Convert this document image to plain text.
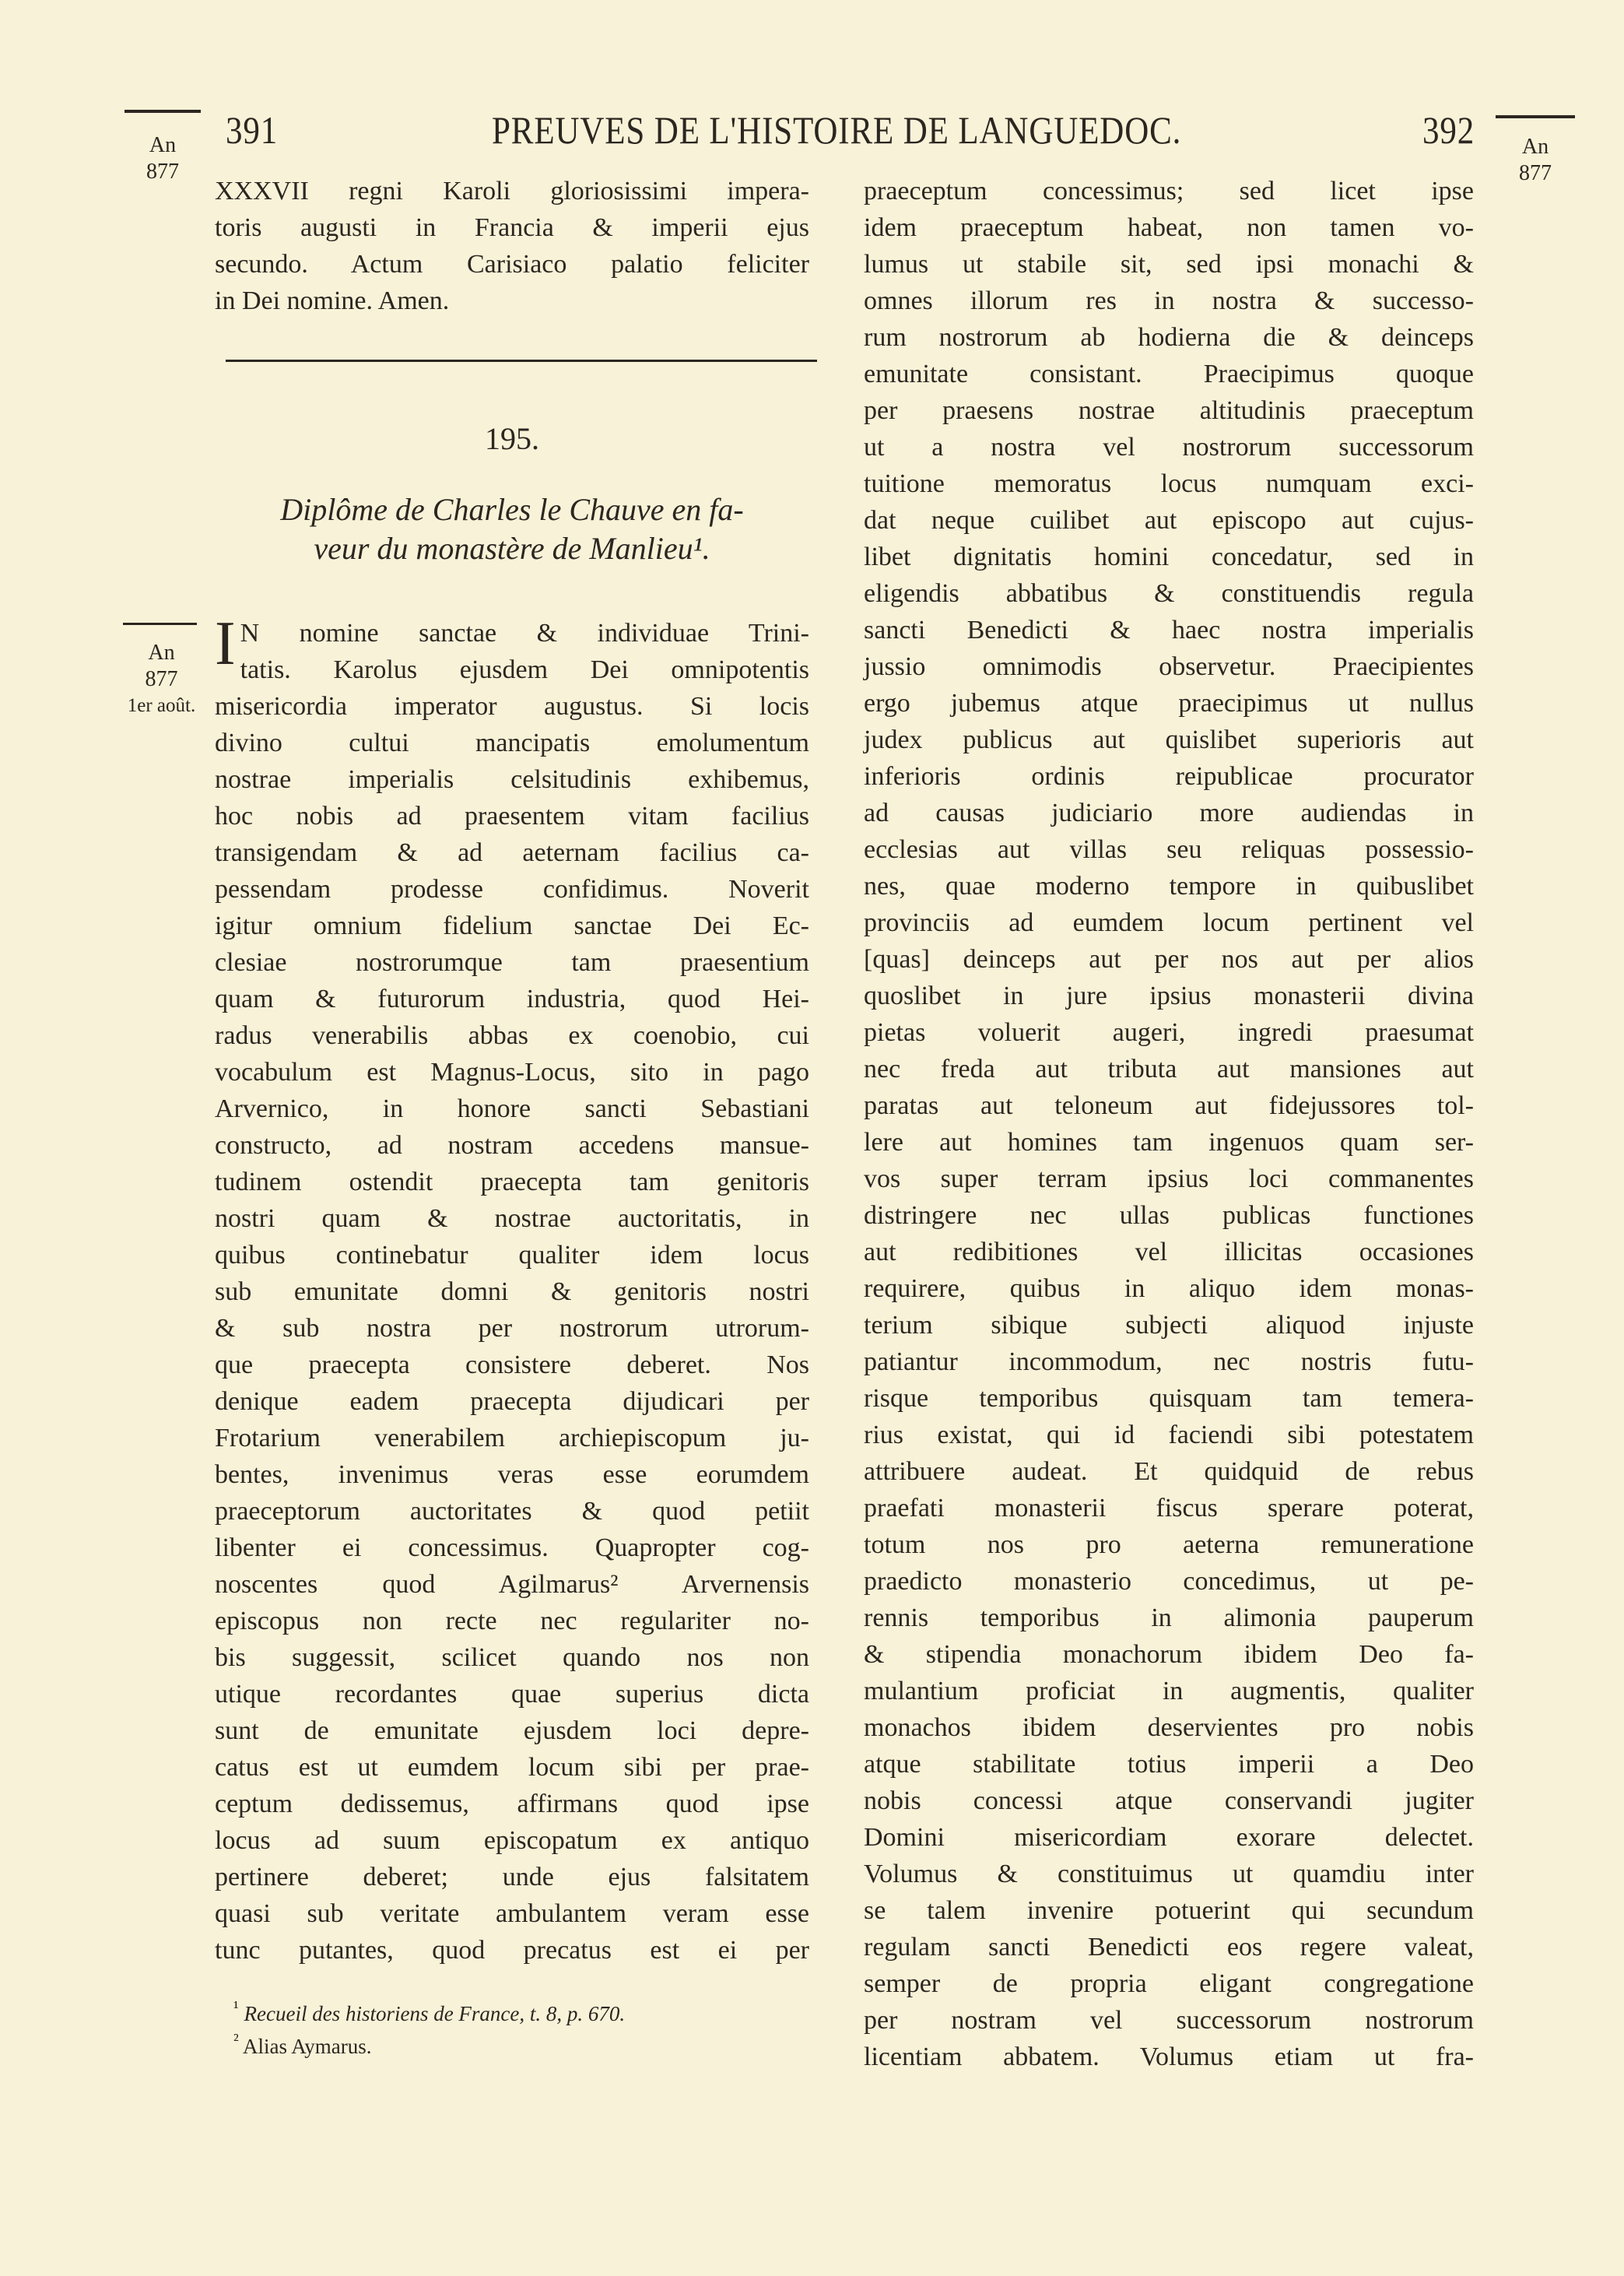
391	PREUVES DE L'HISTOIRE DE LANGUEDOC.	392
An
877
An
877
An
877
1er août.
XXXVII regni Karoli gloriosissimi impera-
toris augusti in Francia & imperii ejus
secundo. Actum Carisiaco palatio feliciter
in Dei nomine. Amen.
195.
Diplôme de Charles le Chauve en fa-
veur du monastère de Manlieu¹.
I N nomine sanctae & individuae Trini-
tatis. Karolus ejusdem Dei omnipotentis
misericordia imperator augustus. Si locis
divino cultui mancipatis emolumentum
nostrae imperialis celsitudinis exhibemus,
hoc nobis ad praesentem vitam facilius
transigendam & ad aeternam facilius ca-
pessendam prodesse confidimus. Noverit
igitur omnium fidelium sanctae Dei Ec-
clesiae nostrorumque tam praesentium
quam & futurorum industria, quod Hei-
radus venerabilis abbas ex coenobio, cui
vocabulum est Magnus-Locus, sito in pago
Arvernico, in honore sancti Sebastiani
constructo, ad nostram accedens mansue-
tudinem ostendit praecepta tam genitoris
nostri quam & nostrae auctoritatis, in
quibus continebatur qualiter idem locus
sub emunitate domni & genitoris nostri
& sub nostra per nostrorum utrorum-
que praecepta consistere deberet. Nos
denique eadem praecepta dijudicari per
Frotarium venerabilem archiepiscopum ju-
bentes, invenimus veras esse eorumdem
praeceptorum auctoritates & quod petiit
libenter ei concessimus. Quapropter cog-
noscentes quod Agilmarus² Arvernensis
episcopus non recte nec regulariter no-
bis suggessit, scilicet quando nos non
utique recordantes quae superius dicta
sunt de emunitate ejusdem loci depre-
catus est ut eumdem locum sibi per prae-
ceptum dedissemus, affirmans quod ipse
locus ad suum episcopatum ex antiquo
pertinere deberet; unde ejus falsitatem
quasi sub veritate ambulantem veram esse
tunc putantes, quod precatus est ei per
$^{^1}$ Recueil des historiens de France, t. 8, p. 670.
$^{^2}$ Alias Aymarus.
praeceptum concessimus; sed licet ipse
idem praeceptum habeat, non tamen vo-
lumus ut stabile sit, sed ipsi monachi &
omnes illorum res in nostra & successo-
rum nostrorum ab hodierna die & deinceps
emunitate consistant. Praecipimus quoque
per praesens nostrae altitudinis praeceptum
ut a nostra vel nostrorum successorum
tuitione memoratus locus numquam exci-
dat neque cuilibet aut episcopo aut cujus-
libet dignitatis homini concedatur, sed in
eligendis abbatibus & constituendis regula
sancti Benedicti & haec nostra imperialis
jussio omnimodis observetur. Praecipientes
ergo jubemus atque praecipimus ut nullus
judex publicus aut quislibet superioris aut
inferioris ordinis reipublicae procurator
ad causas judiciario more audiendas in
ecclesias aut villas seu reliquas possessio-
nes, quae moderno tempore in quibuslibet
provinciis ad eumdem locum pertinent vel
[quas] deinceps aut per nos aut per alios
quoslibet in jure ipsius monasterii divina
pietas voluerit augeri, ingredi praesumat
nec freda aut tributa aut mansiones aut
paratas aut teloneum aut fidejussores tol-
lere aut homines tam ingenuos quam ser-
vos super terram ipsius loci commanentes
distringere nec ullas publicas functiones
aut redibitiones vel illicitas occasiones
requirere, quibus in aliquo idem monas-
terium sibique subjecti aliquod injuste
patiantur incommodum, nec nostris futu-
risque temporibus quisquam tam temera-
rius existat, qui id faciendi sibi potestatem
attribuere audeat. Et quidquid de rebus
praefati monasterii fiscus sperare poterat,
totum nos pro aeterna remuneratione
praedicto monasterio concedimus, ut pe-
rennis temporibus in alimonia pauperum
& stipendia monachorum ibidem Deo fa-
mulantium proficiat in augmentis, qualiter
monachos ibidem deservientes pro nobis
atque stabilitate totius imperii a Deo
nobis concessi atque conservandi jugiter
Domini misericordiam exorare delectet.
Volumus & constituimus ut quamdiu inter
se talem invenire potuerint qui secundum
regulam sancti Benedicti eos regere valeat,
semper de propria eligant congregatione
per nostram vel successorum nostrorum
licentiam abbatem. Volumus etiam ut fra-
